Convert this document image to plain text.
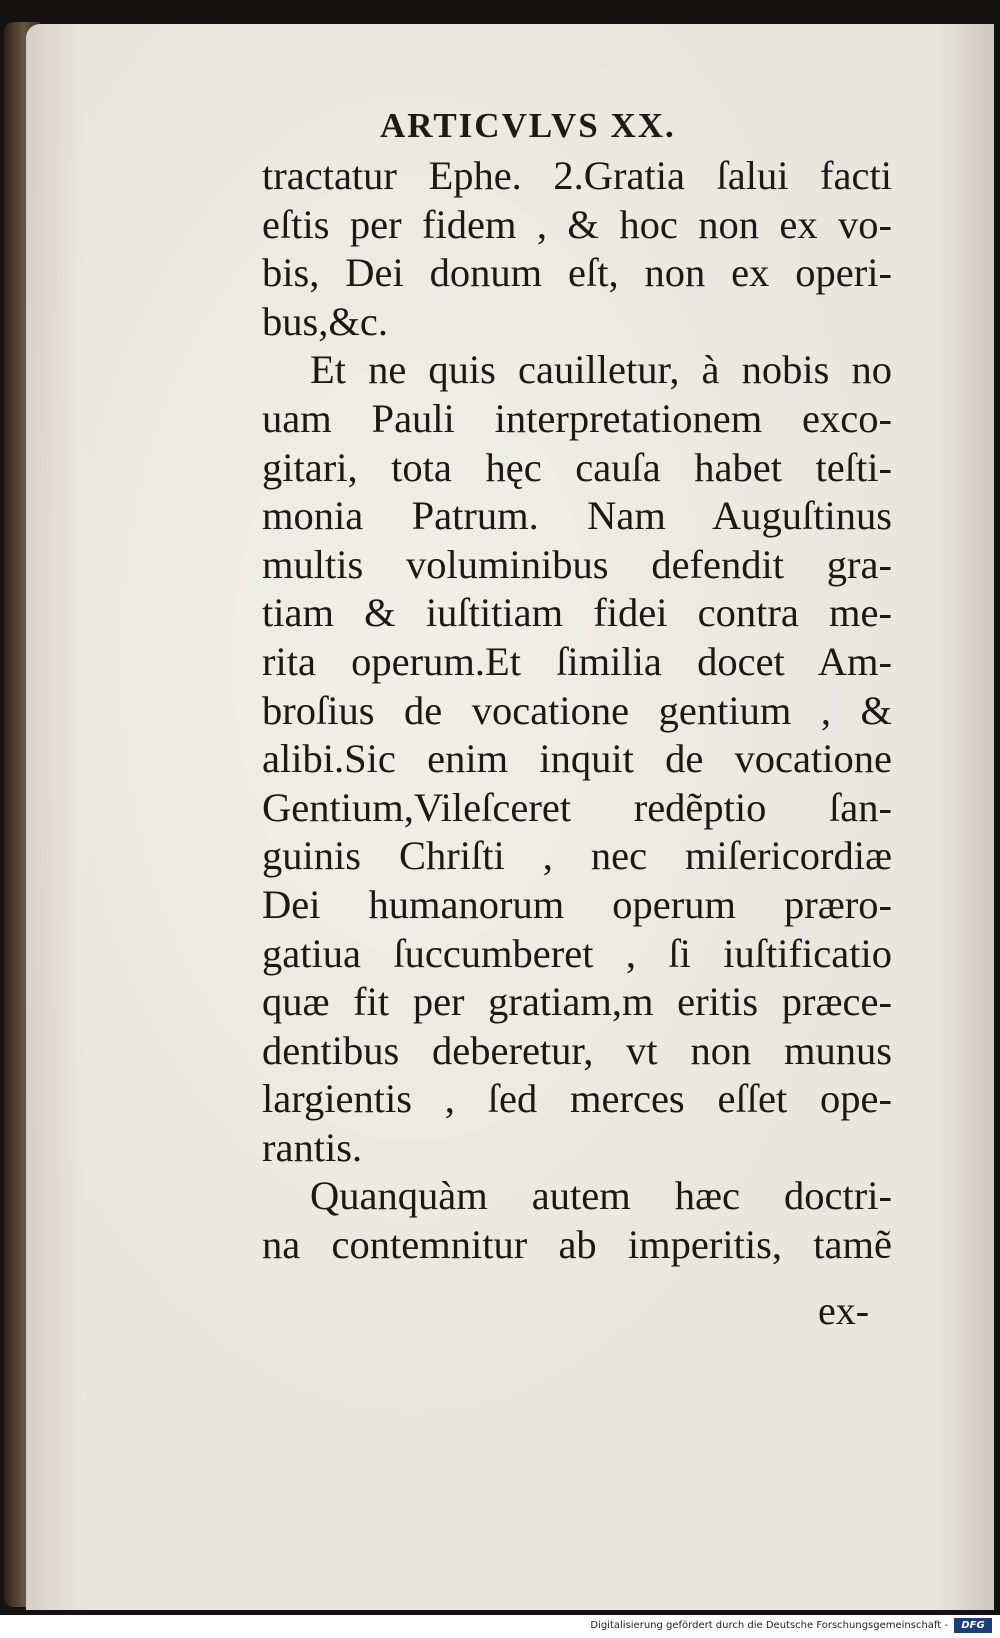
ARTICVLVS XX.
tractatur Ephe. 2.Gratia ſalui facti
eſtis per fidem , & hoc non ex vo-
bis, Dei donum eſt, non ex operi-
bus,&c.
Et ne quis cauilletur, à nobis no
uam Pauli interpretationem exco-
gitari, tota hęc cauſa habet teſti-
monia Patrum. Nam Auguſtinus
multis voluminibus defendit gra-
tiam & iuſtitiam fidei contra me-
rita operum.Et ſimilia docet Am-
broſius de vocatione gentium , &
alibi.Sic enim inquit de vocatione
Gentium,Vileſceret redẽptio ſan-
guinis Chriſti , nec miſericordiæ
Dei humanorum operum præro-
gatiua ſuccumberet , ſi iuſtificatio
quæ fit per gratiam,m eritis præce-
dentibus deberetur, vt non munus
largientis , ſed merces eſſet ope-
rantis.
Quanquàm autem hæc doctri-
na contemnitur ab imperitis, tamẽ
ex-
Digitalisierung gefördert durch die Deutsche Forschungsgemeinschaft -	DFG
